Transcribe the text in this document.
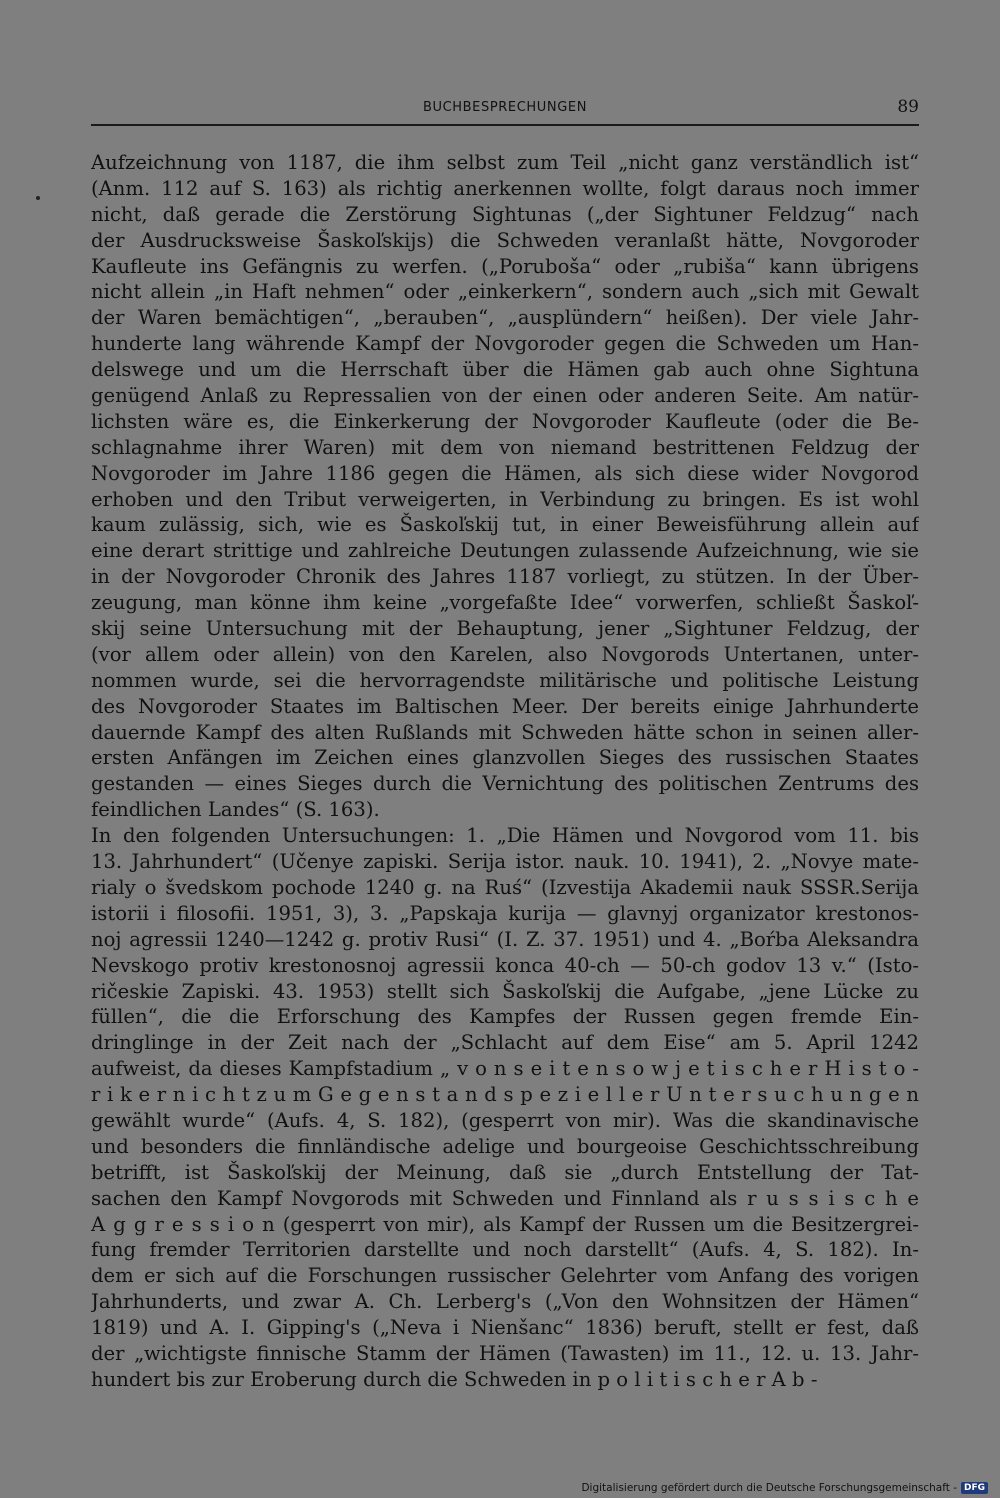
BUCHBESPRECHUNGEN	89
Aufzeichnung von 1187, die ihm selbst zum Teil „nicht ganz verständlich ist“
(Anm. 112 auf S. 163) als richtig anerkennen wollte, folgt daraus noch immer
nicht, daß gerade die Zerstörung Sightunas („der Sightuner Feldzug“ nach
der Ausdrucksweise Šaskoľskijs) die Schweden veranlaßt hätte, Novgoroder
Kaufleute ins Gefängnis zu werfen. („Porubоša“ oder „rubiša“ kann übrigens
nicht allein „in Haft nehmen“ oder „einkerkern“, sondern auch „sich mit Gewalt
der Waren bemächtigen“, „berauben“, „ausplündern“ heißen). Der viele Jahr-
hunderte lang währende Kampf der Novgoroder gegen die Schweden um Han-
delswege und um die Herrschaft über die Hämen gab auch ohne Sightuna
genügend Anlaß zu Repressalien von der einen oder anderen Seite. Am natür-
lichsten wäre es, die Einkerkerung der Novgoroder Kaufleute (oder die Be-
schlagnahme ihrer Waren) mit dem von niemand bestrittenen Feldzug der
Novgoroder im Jahre 1186 gegen die Hämen, als sich diese wider Novgorod
erhoben und den Tribut verweigerten, in Verbindung zu bringen. Es ist wohl
kaum zulässig, sich, wie es Šaskoľskij tut, in einer Beweisführung allein auf
eine derart strittige und zahlreiche Deutungen zulassende Aufzeichnung, wie sie
in der Novgoroder Chronik des Jahres 1187 vorliegt, zu stützen. In der Über-
zeugung, man könne ihm keine „vorgefaßte Idee“ vorwerfen, schließt Šaskoľ-
skij seine Untersuchung mit der Behauptung, jener „Sightuner Feldzug, der
(vor allem oder allein) von den Karelen, also Novgorods Untertanen, unter-
nommen wurde, sei die hervorragendste militärische und politische Leistung
des Novgoroder Staates im Baltischen Meer. Der bereits einige Jahrhunderte
dauernde Kampf des alten Rußlands mit Schweden hätte schon in seinen aller-
ersten Anfängen im Zeichen eines glanzvollen Sieges des russischen Staates
gestanden — eines Sieges durch die Vernichtung des politischen Zentrums des
feindlichen Landes“ (S. 163).
In den folgenden Untersuchungen: 1. „Die Hämen und Novgorod vom 11. bis
13. Jahrhundert“ (Učenye zapiski. Serija istor. nauk. 10. 1941), 2. „Novye mate-
rialy o švedskom pochode 1240 g. na Ruś“ (Izvestija Akademii nauk SSSR.Serija
istorii i filosofii. 1951, 3), 3. „Papskaja kurija — glavnyj organizator krestonos-
noj agressii 1240—1242 g. protiv Rusi“ (I. Z. 37. 1951) und 4. „Boŕba Aleksandra
Nevskogo protiv krestonosnoj agressii konca 40-ch — 50-ch godov 13 v.“ (Isto-
ričeskie Zapiski. 43. 1953) stellt sich Šaskoľskij die Aufgabe, „jene Lücke zu
füllen“, die die Erforschung des Kampfes der Russen gegen fremde Ein-
dringlinge in der Zeit nach der „Schlacht auf dem Eise“ am 5. April 1242
aufweist, da dieses Kampfstadium „ v o n s e i t e n s o w j e t i s c h e r H i s t o -
r i k e r n i c h t z u m G e g e n s t a n d s p e z i e l l e r U n t e r s u c h u n g e n
gewählt wurde“ (Aufs. 4, S. 182), (gesperrt von mir). Was die skandinavische
und besonders die finnländische adelige und bourgeoise Geschichtsschreibung
betrifft, ist Šaskoľskij der Meinung, daß sie „durch Entstellung der Tat-
sachen den Kampf Novgorods mit Schweden und Finnland als r u s s i s c h e
A g g r e s s i o n (gesperrt von mir), als Kampf der Russen um die Besitzergrei-
fung fremder Territorien darstellte und noch darstellt“ (Aufs. 4, S. 182). In-
dem er sich auf die Forschungen russischer Gelehrter vom Anfang des vorigen
Jahrhunderts, und zwar A. Ch. Lerberg's („Von den Wohnsitzen der Hämen“
1819) und A. I. Gipping's („Neva i Nienšanc“ 1836) beruft, stellt er fest, daß
der „wichtigste finnische Stamm der Hämen (Tawasten) im 11., 12. u. 13. Jahr-
hundert bis zur Eroberung durch die Schweden in p o l i t i s c h e r A b -
Digitalisierung gefördert durch die Deutsche Forschungsgemeinschaft - DFG
